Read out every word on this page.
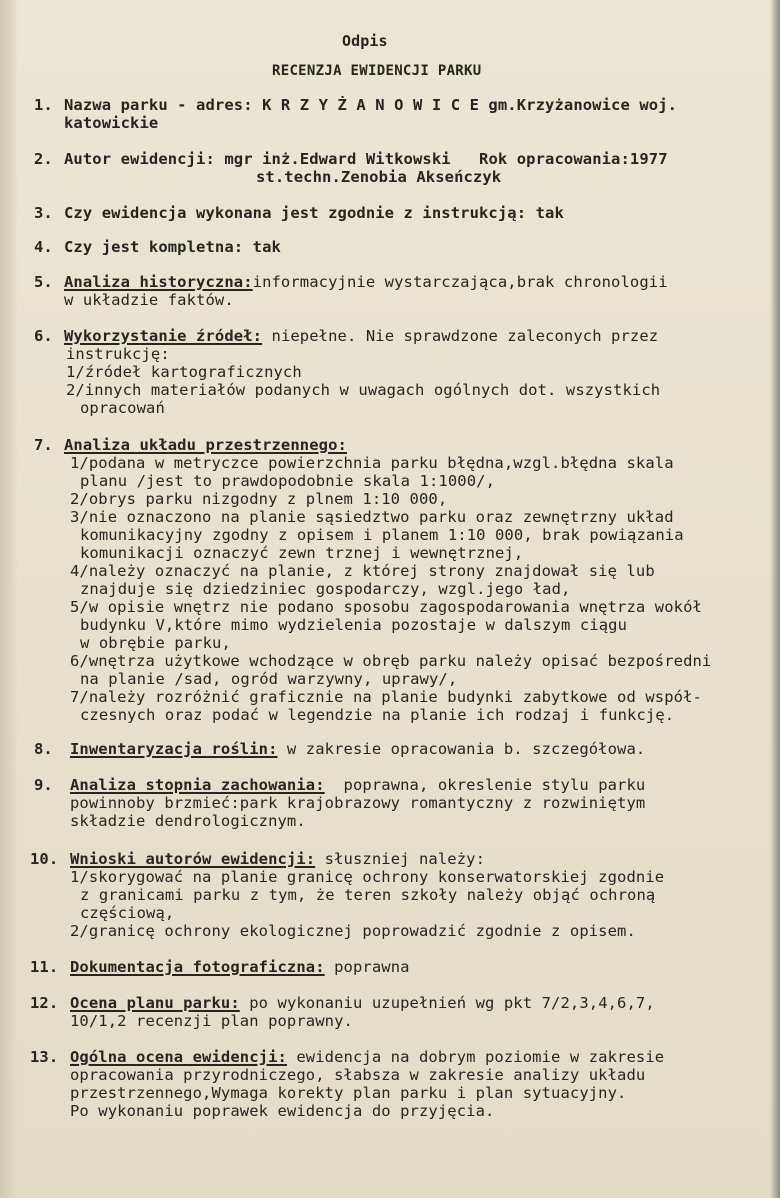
Odpis
RECENZJA EWIDENCJI PARKU
1. Nazwa parku - adres: K R Z Y Ż A N O W I C E gm.Krzyżanowice woj.
katowickie
2. Autor ewidencji: mgr inż.Edward Witkowski   Rok opracowania:1977
st.techn.Zenobia Akseńczyk
3. Czy ewidencja wykonana jest zgodnie z instrukcją: tak
4. Czy jest kompletna: tak
5. Analiza historyczna:informacyjnie wystarczająca,brak chronologii
w układzie faktów.
6. Wykorzystanie źródeł: niepełne. Nie sprawdzone zaleconych przez
instrukcję:
1/źródeł kartograficznych
2/innych materiałów podanych w uwagach ogólnych dot. wszystkich
opracowań
7. Analiza układu przestrzennego:
1/podana w metryczce powierzchnia parku błędna,wzgl.błędna skala
planu /jest to prawdopodobnie skala 1:1000/,
2/obrys parku nizgodny z plnem 1:10 000,
3/nie oznaczono na planie sąsiedztwo parku oraz zewnętrzny układ
komunikacyjny zgodny z opisem i planem 1:10 000, brak powiązania
komunikacji oznaczyć zewn trznej i wewnętrznej,
4/należy oznaczyć na planie, z której strony znajdował się lub
znajduje się dziedziniec gospodarczy, wzgl.jego ład,
5/w opisie wnętrz nie podano sposobu zagospodarowania wnętrza wokół
budynku V,które mimo wydzielenia pozostaje w dalszym ciągu
w obrębie parku,
6/wnętrza użytkowe wchodzące w obręb parku należy opisać bezpośredni
na planie /sad, ogród warzywny, uprawy/,
7/należy rozróżnić graficznie na planie budynki zabytkowe od współ-
czesnych oraz podać w legendzie na planie ich rodzaj i funkcję.
8. Inwentaryzacja roślin: w zakresie opracowania b. szczegółowa.
9. Analiza stopnia zachowania:  poprawna, okreslenie stylu parku
powinnoby brzmieć:park krajobrazowy romantyczny z rozwiniętym
składzie dendrologicznym.
10. Wnioski autorów ewidencji: słuszniej należy:
1/skorygować na planie granicę ochrony konserwatorskiej zgodnie
z granicami parku z tym, że teren szkoły należy objąć ochroną
częściową,
2/granicę ochrony ekologicznej poprowadzić zgodnie z opisem.
11. Dokumentacja fotograficzna: poprawna
12. Ocena planu parku: po wykonaniu uzupełnień wg pkt 7/2,3,4,6,7,
10/1,2 recenzji plan poprawny.
13. Ogólna ocena ewidencji: ewidencja na dobrym poziomie w zakresie
opracowania przyrodniczego, słabsza w zakresie analizy układu
przestrzennego,Wymaga korekty plan parku i plan sytuacyjny.
Po wykonaniu poprawek ewidencja do przyjęcia.
